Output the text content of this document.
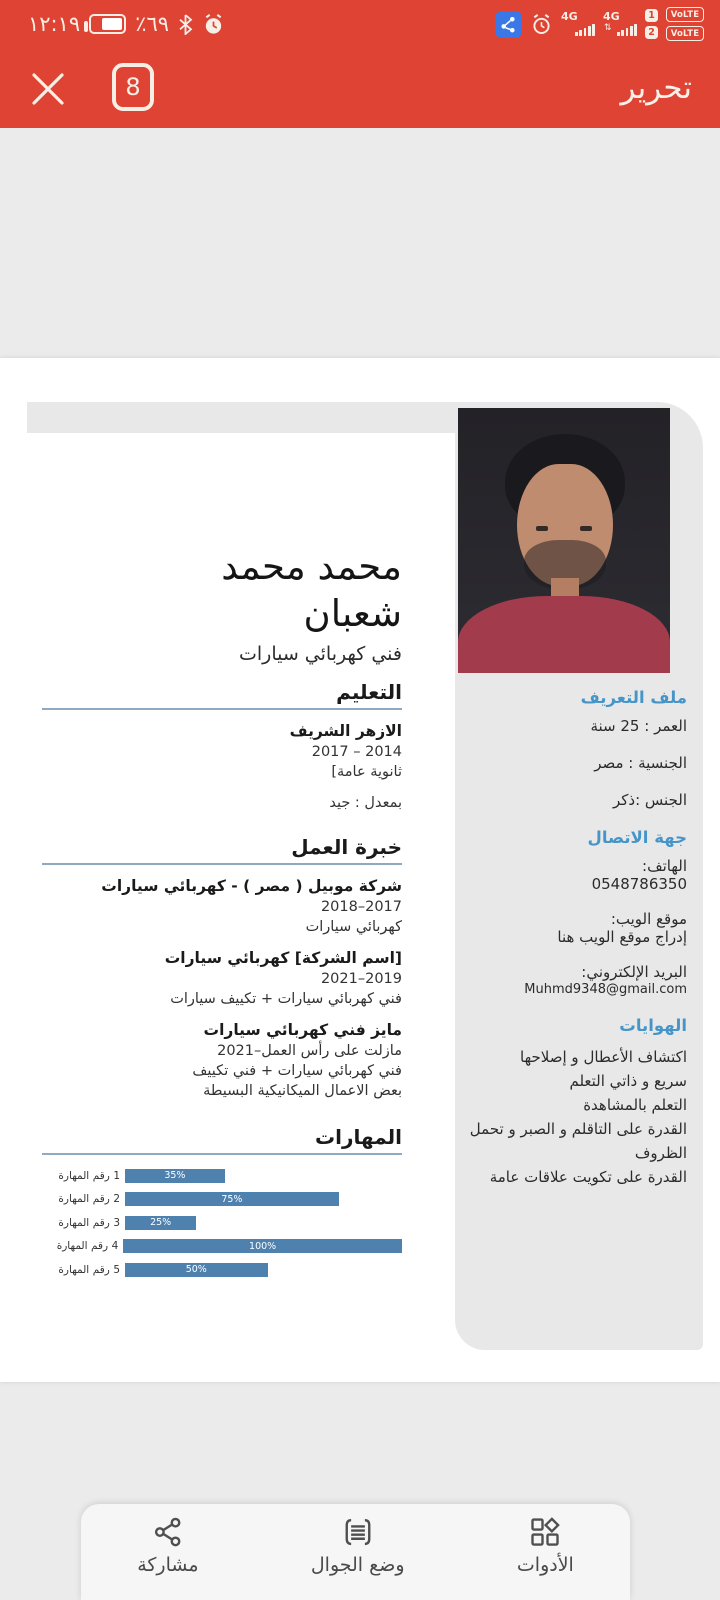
١٢:١٩	٪٦٩	4G 4G
⇅
1
2
VoLTE
VoLTE
8	تحرير
محمد محمد شعبان
فني كهربائي سيارات
التعليم
الازهر الشريف
2017 – 2014
ثانوية عامة]
بمعدل : جيد
خبرة العمل
شركة موبيل ( مصر ) - كهربائي سيارات
2018–2017
كهربائي سيارات
[اسم الشركة] كهربائي سيارات
2021–2019
فني كهربائي سيارات + تكييف سيارات
مايز فني كهربائي سيارات
2021– مازلت على رأس العمل
فني كهربائي سيارات + فني تكييف
بعض الاعمال الميكانيكية البسيطة
المهارات
المهارة رقم 1	35%
المهارة رقم 2	75%
المهارة رقم 3	25%
المهارة رقم 4	100%
المهارة رقم 5	50%
ملف التعريف
العمر : 25 سنة
الجنسية : مصر
الجنس :ذكر
جهة الاتصال
الهاتف:
0548786350
موقع الويب:
إدراج موقع الويب هنا
البريد الإلكتروني:
Muhmd9348@gmail.com
الهوايات
اكتشاف الأعطال و إصلاحها
سريع و ذاتي التعلم
التعلم بالمشاهدة
القدرة على التاقلم و الصبر و تحمل الظروف
القدرة على تكويت علاقات عامة
الأدوات
وضع الجوال
مشاركة
